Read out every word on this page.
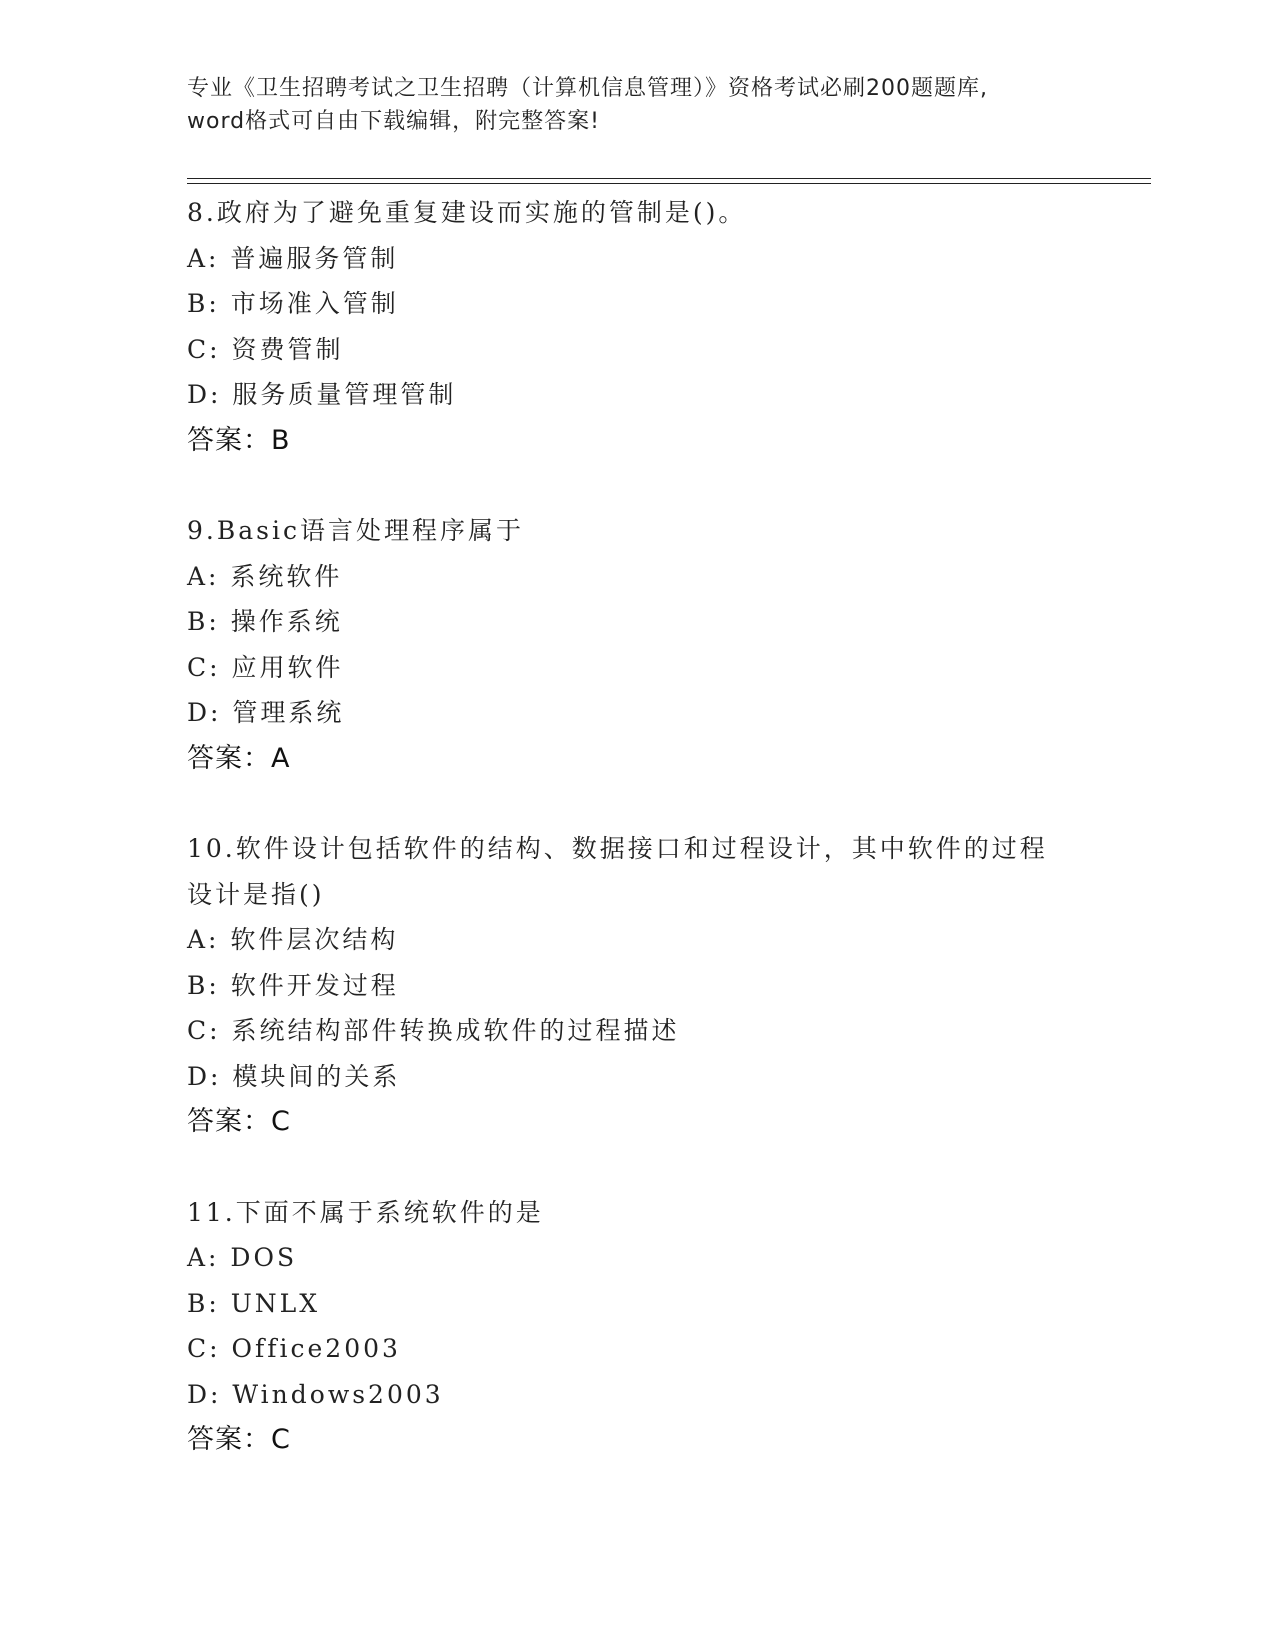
专业《卫生招聘考试之卫生招聘（计算机信息管理）》资格考试必刷200题题库,
word格式可自由下载编辑，附完整答案!
8.政府为了避免重复建设而实施的管制是()。
A: 普遍服务管制
B: 市场准入管制
C: 资费管制
D: 服务质量管理管制
答案：B
9.Basic语言处理程序属于
A: 系统软件
B: 操作系统
C: 应用软件
D: 管理系统
答案：A
10.软件设计包括软件的结构、数据接口和过程设计，其中软件的过程
设计是指()
A: 软件层次结构
B: 软件开发过程
C: 系统结构部件转换成软件的过程描述
D: 模块间的关系
答案：C
11.下面不属于系统软件的是
A: DOS
B: UNLX
C: Office2003
D: Windows2003
答案：C
